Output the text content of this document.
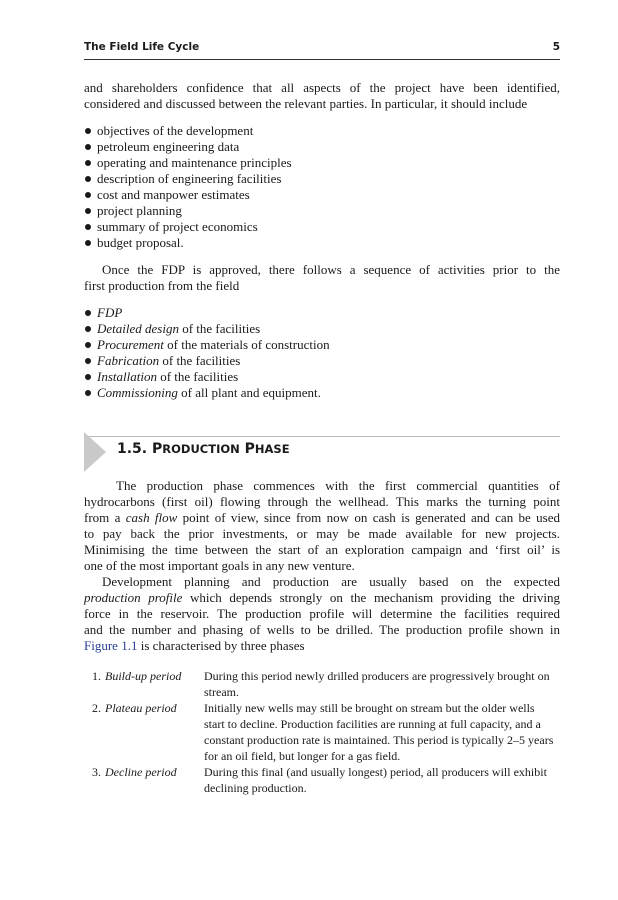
The Field Life Cycle	5
and shareholders confidence that all aspects of the project have been identified,
considered and discussed between the relevant parties. In particular, it should include
objectives of the development
petroleum engineering data
operating and maintenance principles
description of engineering facilities
cost and manpower estimates
project planning
summary of project economics
budget proposal.
Once the FDP is approved, there follows a sequence of activities prior to the
first production from the field
FDP
Detailed design of the facilities
Procurement of the materials of construction
Fabrication of the facilities
Installation of the facilities
Commissioning of all plant and equipment.
1.5. PRODUCTION PHASE
The production phase commences with the first commercial quantities of
hydrocarbons (first oil) flowing through the wellhead. This marks the turning point
from a cash flow point of view, since from now on cash is generated and can be used
to pay back the prior investments, or may be made available for new projects.
Minimising the time between the start of an exploration campaign and ‘first oil’ is
one of the most important goals in any new venture.
Development planning and production are usually based on the expected
production profile which depends strongly on the mechanism providing the driving
force in the reservoir. The production profile will determine the facilities required
and the number and phasing of wells to be drilled. The production profile shown in
Figure 1.1 is characterised by three phases
1. Build-up period During this period newly drilled producers are progressively brought on stream.
2. Plateau period Initially new wells may still be brought on stream but the older wells start to decline. Production facilities are running at full capacity, and a constant production rate is maintained. This period is typically 2–5 years for an oil field, but longer for a gas field.
3. Decline period During this final (and usually longest) period, all producers will exhibit declining production.
